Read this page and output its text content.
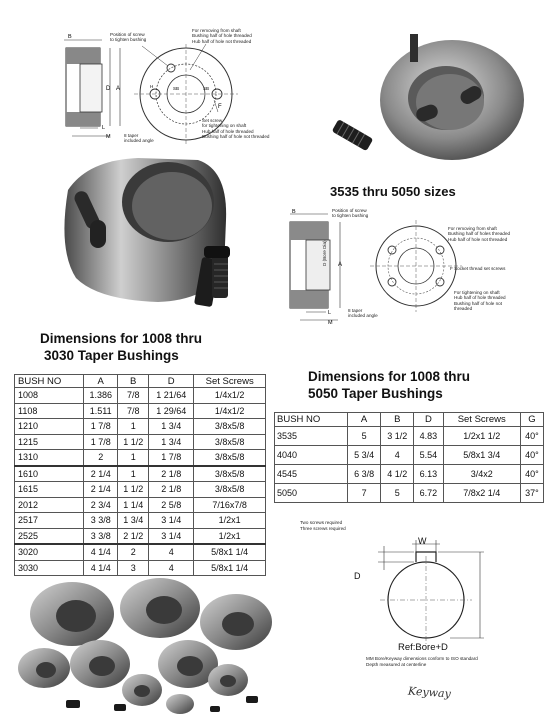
B
D A
L
M
H	SB	SB
F
Position of screw
to tighten bushing
For removing from shaft
Bushing half of hole threaded
Hub half of hole not threaded
Set screw
for tightening on shaft
Hub half of hole threaded
Bushing half of hole not threaded
8 taper
included angle
3535 thru 5050 sizes
B
A
L
M
Position of screw
to tighten bushing
D (Bore Dia)
For removing from shaft
Bushing half of holes threaded
Hub half of hole not threaded
F Socket thread set screws
For tightening on shaft
Hub half of hole threaded
Bushing half of hole not
threaded
8 taper
included angle
Dimensions for 1008 thru
3030 Taper Bushings
BUSH NO	A	B	D	Set Screws
1008	1.386	7/8	1 21/64	1/4x1/2
1108	1.511	7/8	1 29/64	1/4x1/2
1210	1 7/8	1	1 3/4	3/8x5/8
1215	1 7/8	1 1/2	1 3/4	3/8x5/8
1310	2	1	1 7/8	3/8x5/8
1610	2 1/4	1	2 1/8	3/8x5/8
1615	2 1/4	1 1/2	2 1/8	3/8x5/8
2012	2 3/4	1 1/4	2 5/8	7/16x7/8
2517	3 3/8	1 3/4	3 1/4	1/2x1
2525	3 3/8	2 1/2	3 1/4	1/2x1
3020	4 1/4	2	4	5/8x1 1/4
3030	4 1/4	3	4	5/8x1 1/4
Dimensions for 1008 thru
5050 Taper Bushings
BUSH NO	A	B	D	Set Screws	G
3535	5	3 1/2	4.83	1/2x1 1/2	40°
4040	5 3/4	4	5.54	5/8x1 3/4	40°
4545	6 3/8	4 1/2	6.13	3/4x2	40°
5050	7	5	6.72	7/8x2 1/4	37°
Two screws required
Three screws required
W
D
Ref:Bore+D
MM Bore/Keyway dimensions conform to ISO standard
Depth measured at centerline
Keyway
